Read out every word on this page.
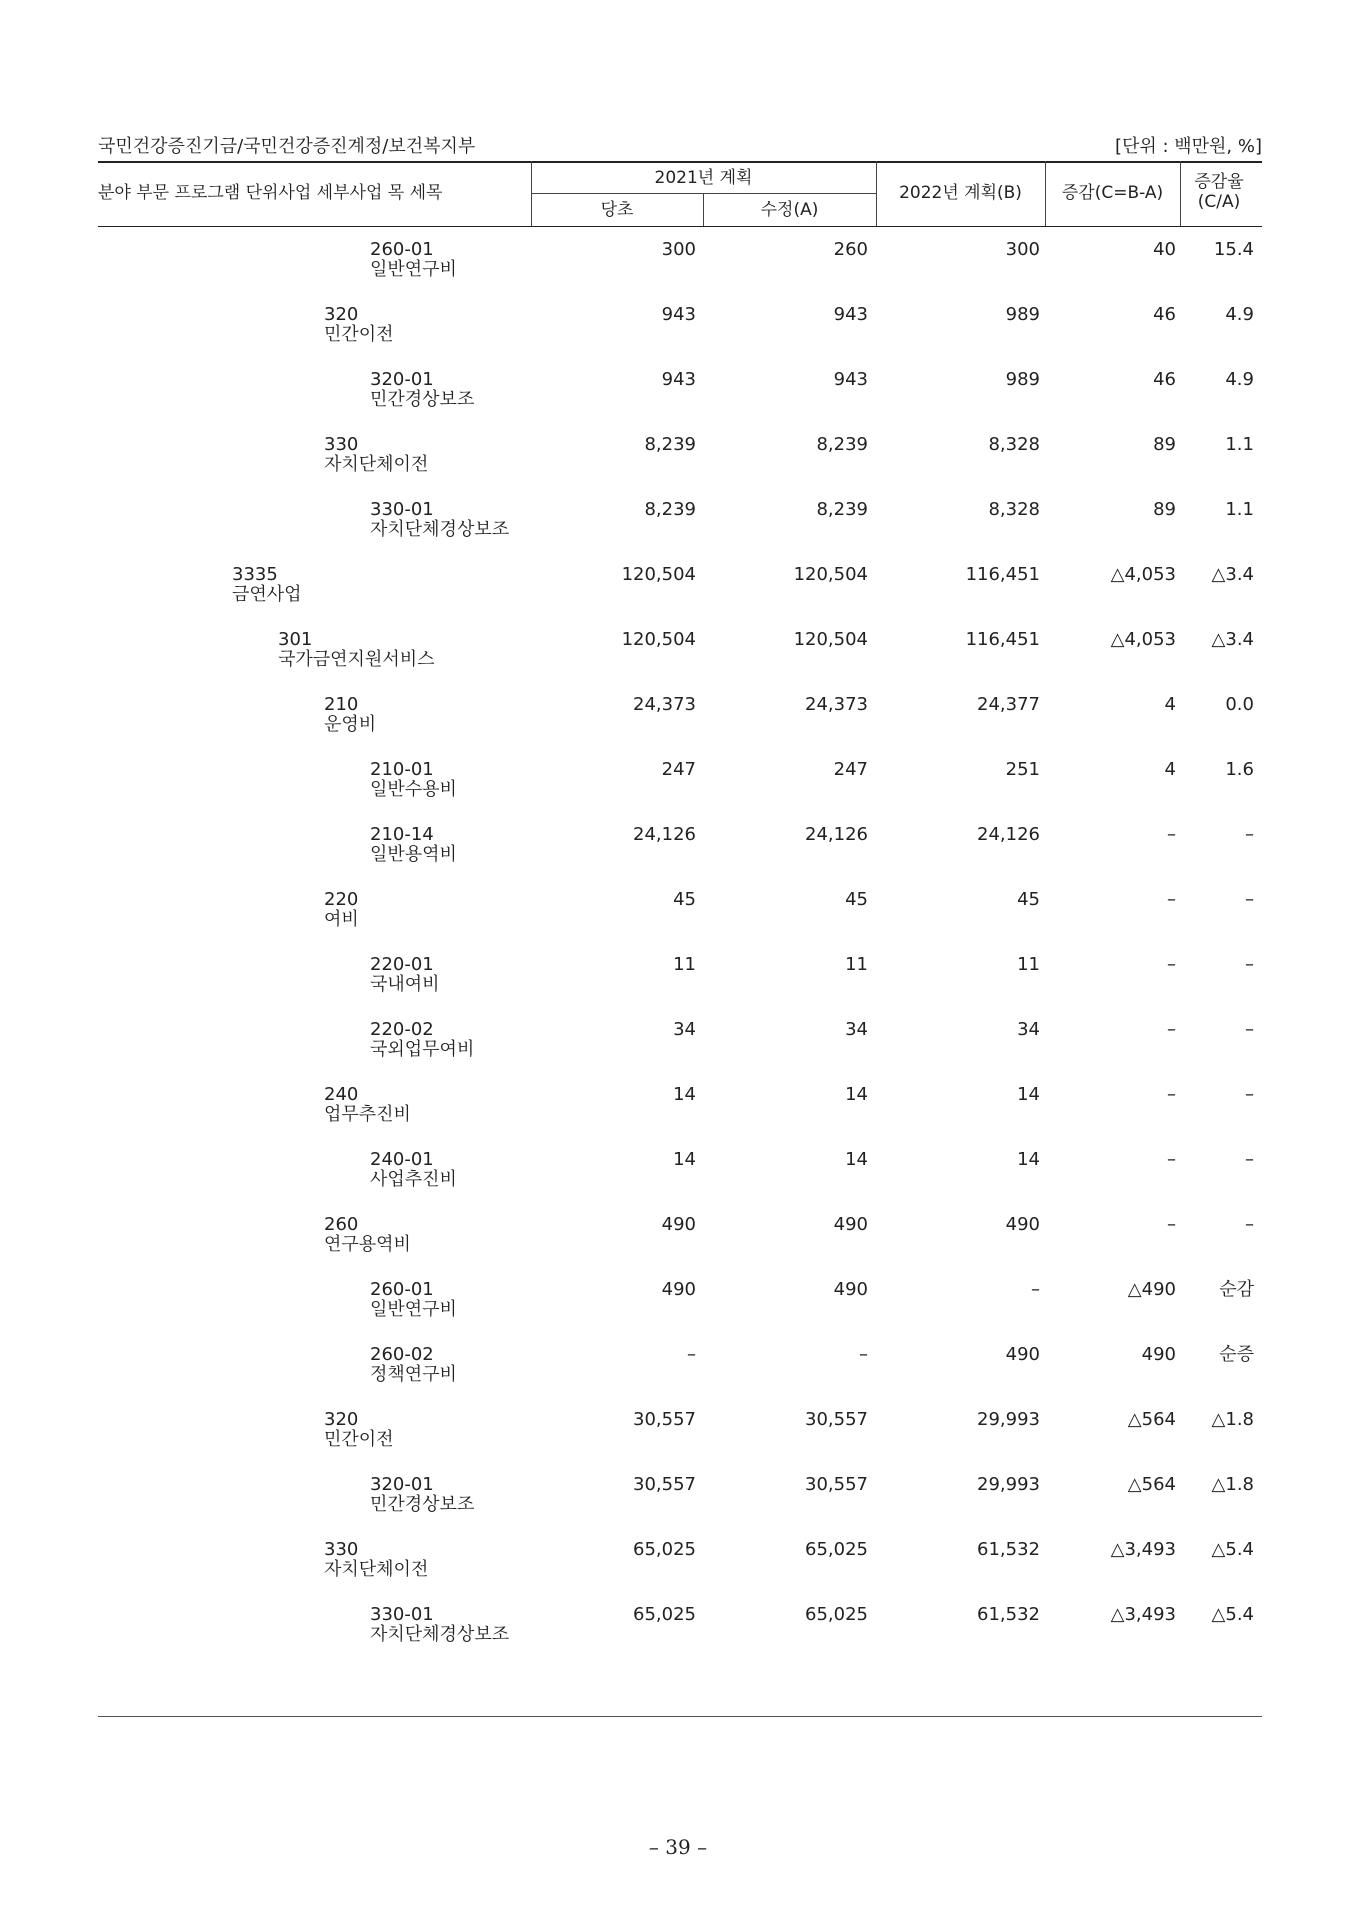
국민건강증진기금/국민건강증진계정/보건복지부	[단위 : 백만원, %]
분야 부문 프로그램 단위사업 세부사업 목 세목
2021년 계획
당초	수정(A)
2022년 계획(B)	증감(C=B-A)
증감율 (C/A)
260-01
일반연구비
300	260	300	40 15.4
320
민간이전
943	943	989	46	4.9
320-01
민간경상보조
943	943	989	46	4.9
330
자치단체이전
8,239	8,239	8,328	89	1.1
330-01
자치단체경상보조
8,239	8,239	8,328	89	1.1
3335
금연사업
120,504	120,504	116,451	△4,053 △3.4
301
국가금연지원서비스
120,504	120,504	116,451	△4,053 △3.4
210
운영비
24,373	24,373	24,377	4	0.0
210-01
일반수용비
247	247	251	4	1.6
210-14
일반용역비
24,126	24,126	24,126	–	–
220
여비
45	45	45	–	–
220-01
국내여비
11	11	11	–	–
220-02
국외업무여비
34	34	34	–	–
240
업무추진비
14	14	14	–	–
240-01
사업추진비
14	14	14	–	–
260
연구용역비
490	490	490	–	–
260-01
일반연구비
490	490	–	△490 순감
260-02
정책연구비
–	–	490	490 순증
320
민간이전
30,557	30,557	29,993	△564 △1.8
320-01
민간경상보조
30,557	30,557	29,993	△564 △1.8
330
자치단체이전
65,025	65,025	61,532	△3,493 △5.4
330-01
자치단체경상보조
65,025	65,025	61,532	△3,493 △5.4
– 39 –
